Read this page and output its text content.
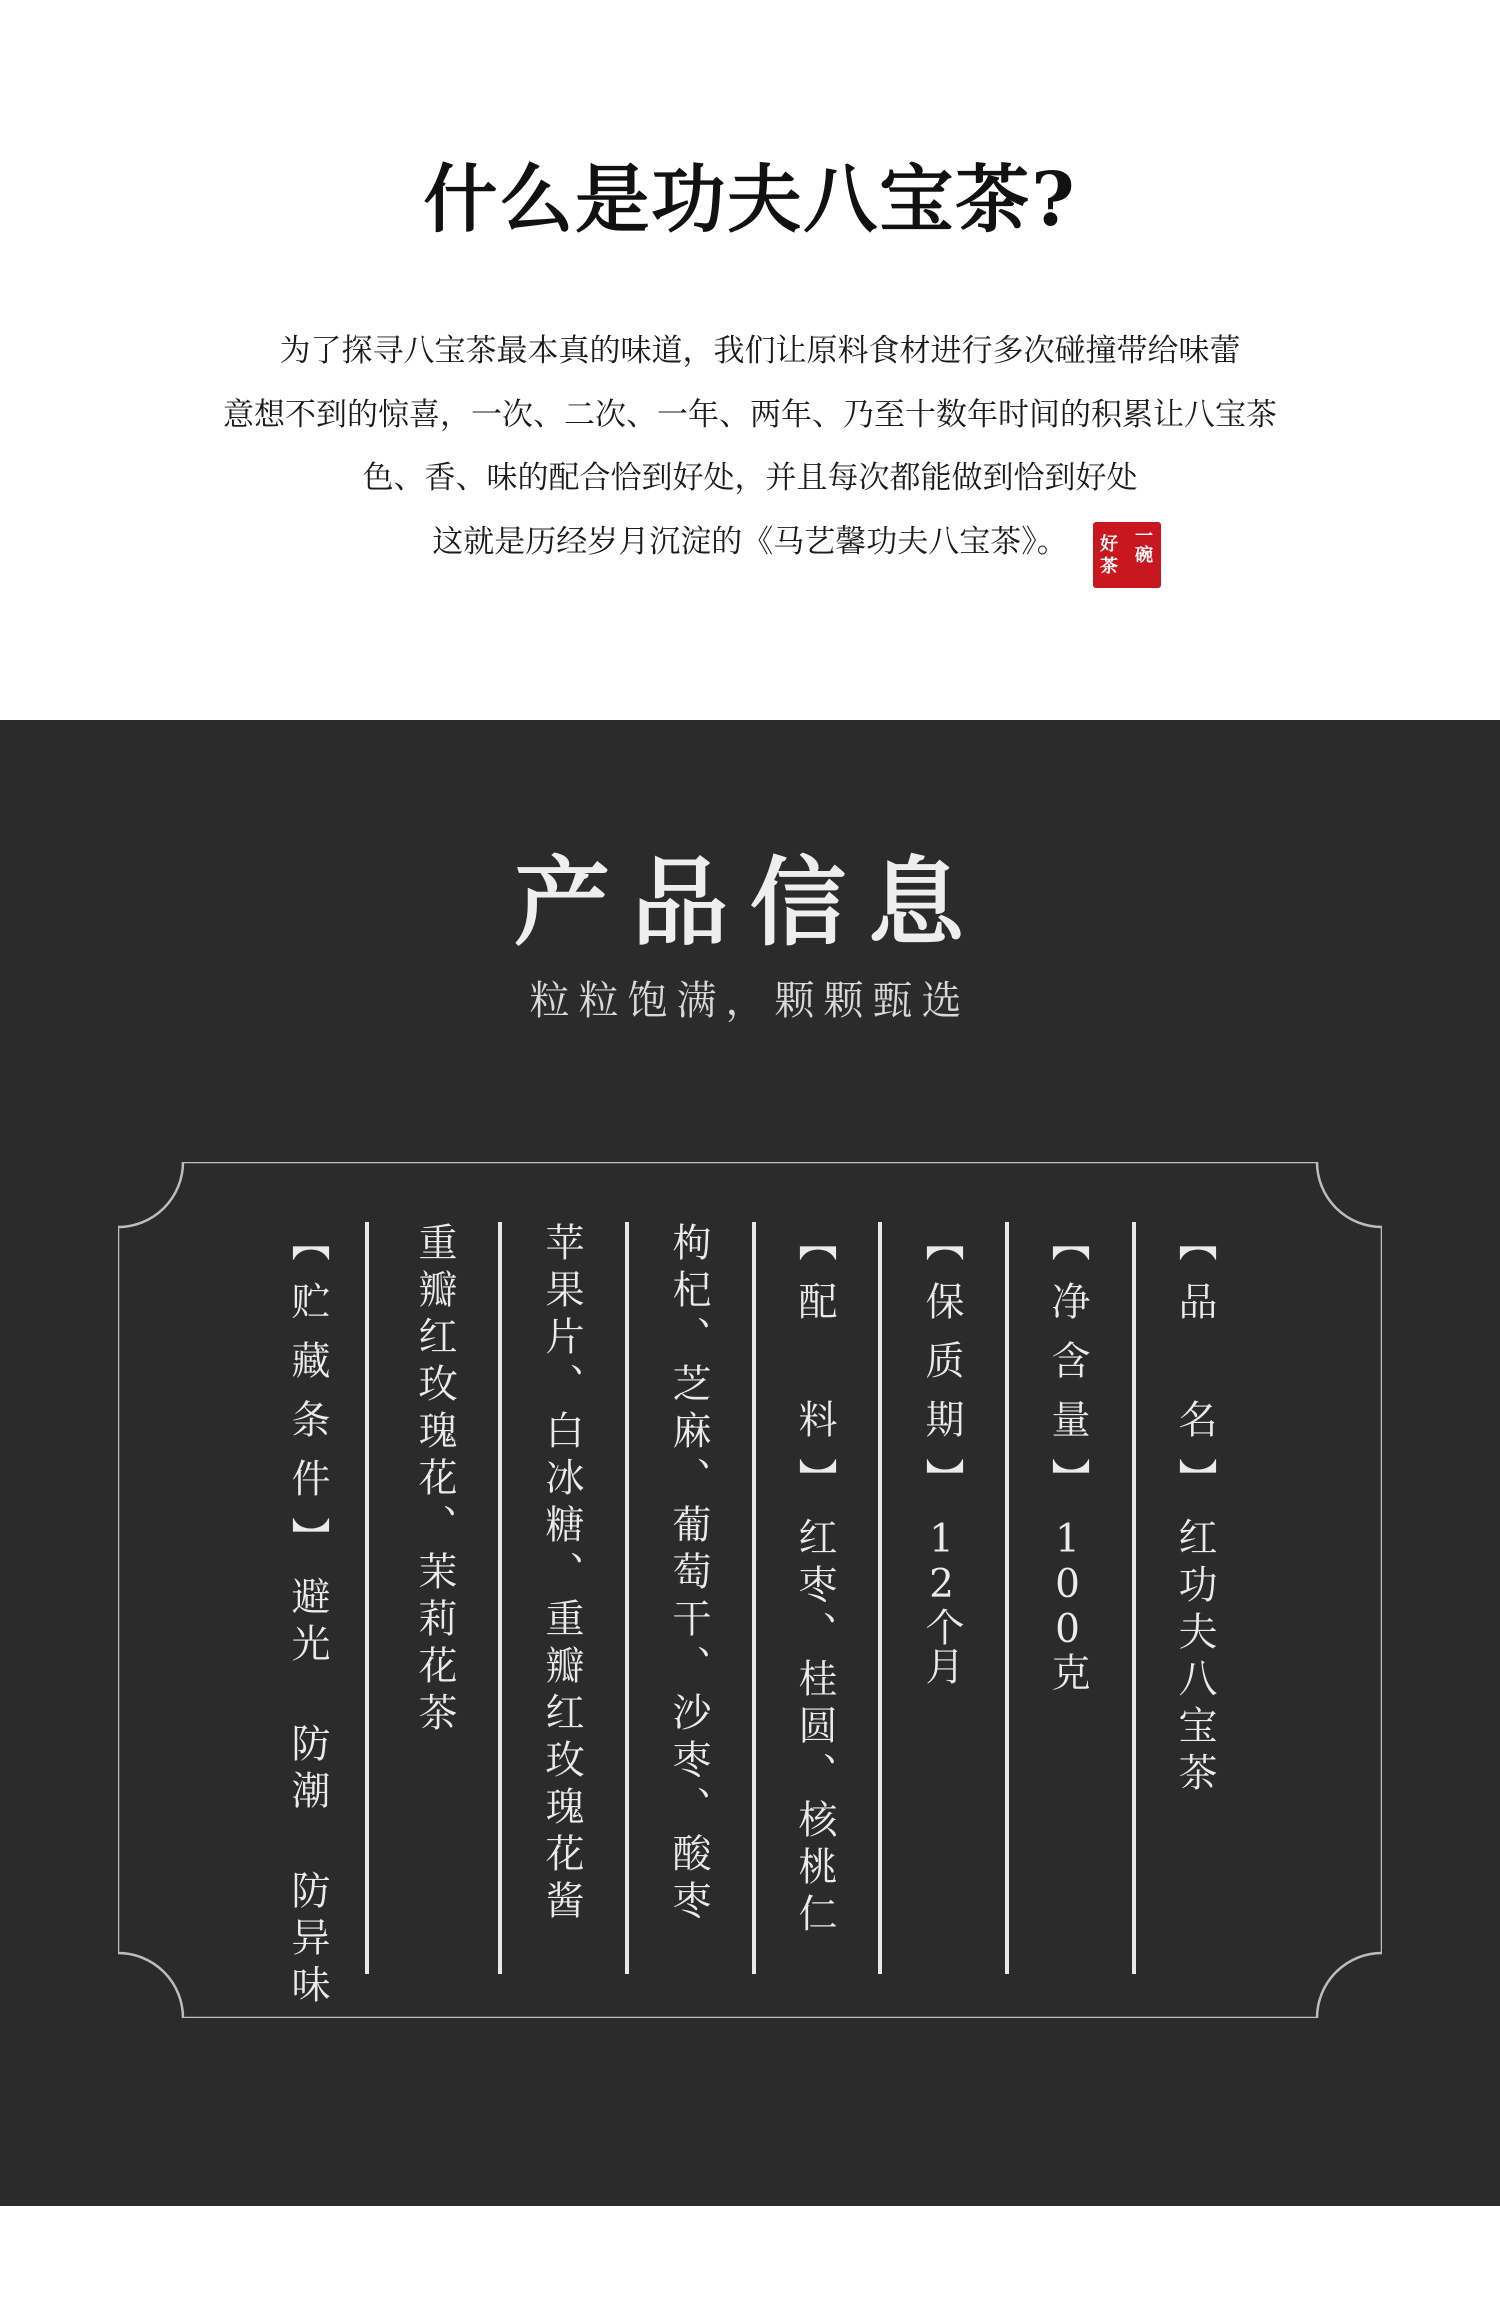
什么是功夫八宝茶?
为了探寻八宝茶最本真的味道，我们让原料食材进行多次碰撞带给味蕾
意想不到的惊喜，一次、二次、一年、两年、乃至十数年时间的积累让八宝茶
色、香、味的配合恰到好处，并且每次都能做到恰到好处
这就是历经岁月沉淀的《马艺馨功夫八宝茶》。	一
碗
好
茶
产品信息
粒粒饱满，颗颗甄选
【品　名】红功夫八宝茶
【净含量】100克
【保质期】12个月
【配　料】红枣、桂圆、核桃仁
枸杞、芝麻、葡萄干、沙枣、酸枣
苹果片、白冰糖、重瓣红玫瑰花酱
重瓣红玫瑰花、茉莉花茶
【贮藏条件】避光 防潮 防异味
